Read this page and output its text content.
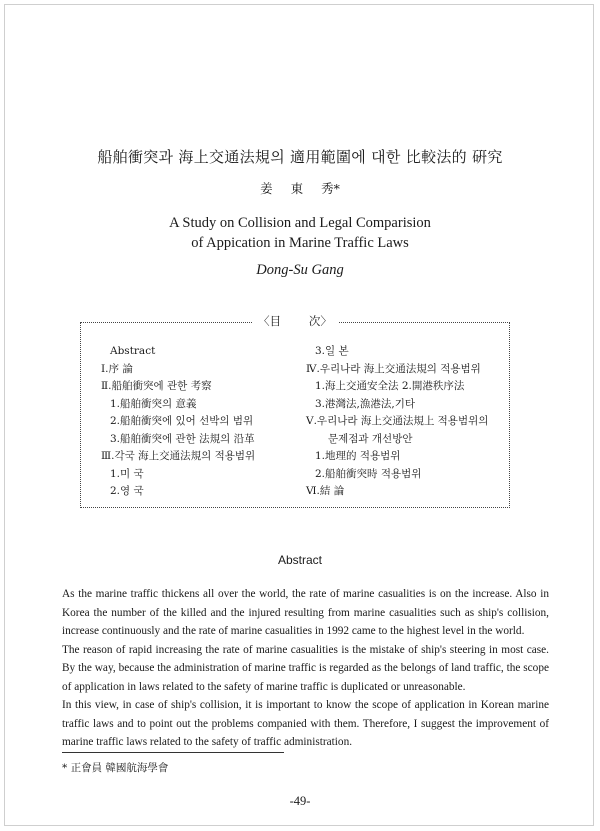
船舶衝突과 海上交通法規의 適用範圍에 대한 比較法的 硏究
姜 東 秀*
A Study on Collision and Legal Comparision
of Appication in Marine Traffic Laws
Dong-Su Gang
〈目 次〉
Abstract
Ⅰ.序 論
Ⅱ.船舶衝突에 관한 考察
1.船舶衝突의 意義
2.船舶衝突에 있어 선박의 범위
3.船舶衝突에 관한 法規의 沿革
Ⅲ.각국 海上交通法規의 적용범위
1.미 국
2.영 국
3.일 본
Ⅳ.우리나라 海上交通法規의 적용범위
1.海上交通安全法 2.開港秩序法
3.港灣法,漁港法,기타
Ⅴ.우리나라 海上交通法規上 적용범위의
문제점과 개선방안
1.地理的 적용범위
2.船舶衝突時 적용범위
Ⅵ.結 論
Abstract

As the marine traffic thickens all over the world, the rate of marine casualities is on the increase. Also in Korea the number of the killed and the injured resulting from marine casualities such as ship's collision, increase continuously and the rate of marine casualities in 1992 came to the highest level in the world.

The reason of rapid increasing the rate of marine casualities is the mistake of ship's steering in most case. By the way, because the administration of marine traffic is regarded as the belongs of land traffic, the scope of application in laws related to the safety of marine traffic is duplicated or unreasonable.

In this view, in case of ship's collision, it is important to know the scope of application in Korean marine traffic laws and to point out the problems companied with them. Therefore, I suggest the improvement of marine traffic laws related to the safety of traffic administration.

* 正會員 韓國航海學會
-49-
